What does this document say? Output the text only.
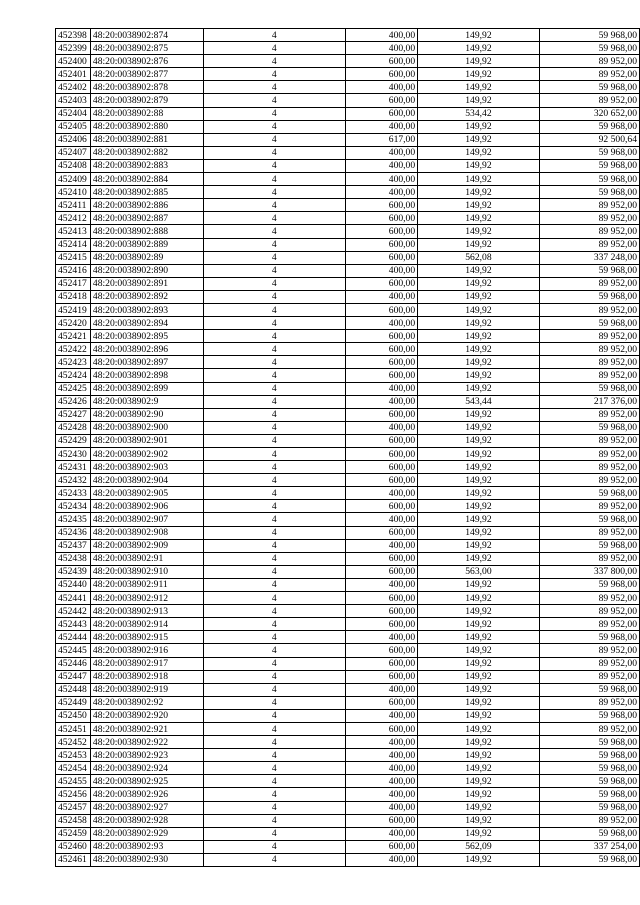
452398	48:20:0038902:874	4	400,00	149,92	59 968,00
452399	48:20:0038902:875	4	400,00	149,92	59 968,00
452400	48:20:0038902:876	4	600,00	149,92	89 952,00
452401	48:20:0038902:877	4	600,00	149,92	89 952,00
452402	48:20:0038902:878	4	400,00	149,92	59 968,00
452403	48:20:0038902:879	4	600,00	149,92	89 952,00
452404	48:20:0038902:88	4	600,00	534,42	320 652,00
452405	48:20:0038902:880	4	400,00	149,92	59 968,00
452406	48:20:0038902:881	4	617,00	149,92	92 500,64
452407	48:20:0038902:882	4	400,00	149,92	59 968,00
452408	48:20:0038902:883	4	400,00	149,92	59 968,00
452409	48:20:0038902:884	4	400,00	149,92	59 968,00
452410	48:20:0038902:885	4	400,00	149,92	59 968,00
452411	48:20:0038902:886	4	600,00	149,92	89 952,00
452412	48:20:0038902:887	4	600,00	149,92	89 952,00
452413	48:20:0038902:888	4	600,00	149,92	89 952,00
452414	48:20:0038902:889	4	600,00	149,92	89 952,00
452415	48:20:0038902:89	4	600,00	562,08	337 248,00
452416	48:20:0038902:890	4	400,00	149,92	59 968,00
452417	48:20:0038902:891	4	600,00	149,92	89 952,00
452418	48:20:0038902:892	4	400,00	149,92	59 968,00
452419	48:20:0038902:893	4	600,00	149,92	89 952,00
452420	48:20:0038902:894	4	400,00	149,92	59 968,00
452421	48:20:0038902:895	4	600,00	149,92	89 952,00
452422	48:20:0038902:896	4	600,00	149,92	89 952,00
452423	48:20:0038902:897	4	600,00	149,92	89 952,00
452424	48:20:0038902:898	4	600,00	149,92	89 952,00
452425	48:20:0038902:899	4	400,00	149,92	59 968,00
452426	48:20:0038902:9	4	400,00	543,44	217 376,00
452427	48:20:0038902:90	4	600,00	149,92	89 952,00
452428	48:20:0038902:900	4	400,00	149,92	59 968,00
452429	48:20:0038902:901	4	600,00	149,92	89 952,00
452430	48:20:0038902:902	4	600,00	149,92	89 952,00
452431	48:20:0038902:903	4	600,00	149,92	89 952,00
452432	48:20:0038902:904	4	600,00	149,92	89 952,00
452433	48:20:0038902:905	4	400,00	149,92	59 968,00
452434	48:20:0038902:906	4	600,00	149,92	89 952,00
452435	48:20:0038902:907	4	400,00	149,92	59 968,00
452436	48:20:0038902:908	4	600,00	149,92	89 952,00
452437	48:20:0038902:909	4	400,00	149,92	59 968,00
452438	48:20:0038902:91	4	600,00	149,92	89 952,00
452439	48:20:0038902:910	4	600,00	563,00	337 800,00
452440	48:20:0038902:911	4	400,00	149,92	59 968,00
452441	48:20:0038902:912	4	600,00	149,92	89 952,00
452442	48:20:0038902:913	4	600,00	149,92	89 952,00
452443	48:20:0038902:914	4	600,00	149,92	89 952,00
452444	48:20:0038902:915	4	400,00	149,92	59 968,00
452445	48:20:0038902:916	4	600,00	149,92	89 952,00
452446	48:20:0038902:917	4	600,00	149,92	89 952,00
452447	48:20:0038902:918	4	600,00	149,92	89 952,00
452448	48:20:0038902:919	4	400,00	149,92	59 968,00
452449	48:20:0038902:92	4	600,00	149,92	89 952,00
452450	48:20:0038902:920	4	400,00	149,92	59 968,00
452451	48:20:0038902:921	4	600,00	149,92	89 952,00
452452	48:20:0038902:922	4	400,00	149,92	59 968,00
452453	48:20:0038902:923	4	400,00	149,92	59 968,00
452454	48:20:0038902:924	4	400,00	149,92	59 968,00
452455	48:20:0038902:925	4	400,00	149,92	59 968,00
452456	48:20:0038902:926	4	400,00	149,92	59 968,00
452457	48:20:0038902:927	4	400,00	149,92	59 968,00
452458	48:20:0038902:928	4	600,00	149,92	89 952,00
452459	48:20:0038902:929	4	400,00	149,92	59 968,00
452460	48:20:0038902:93	4	600,00	562,09	337 254,00
452461	48:20:0038902:930	4	400,00	149,92	59 968,00
